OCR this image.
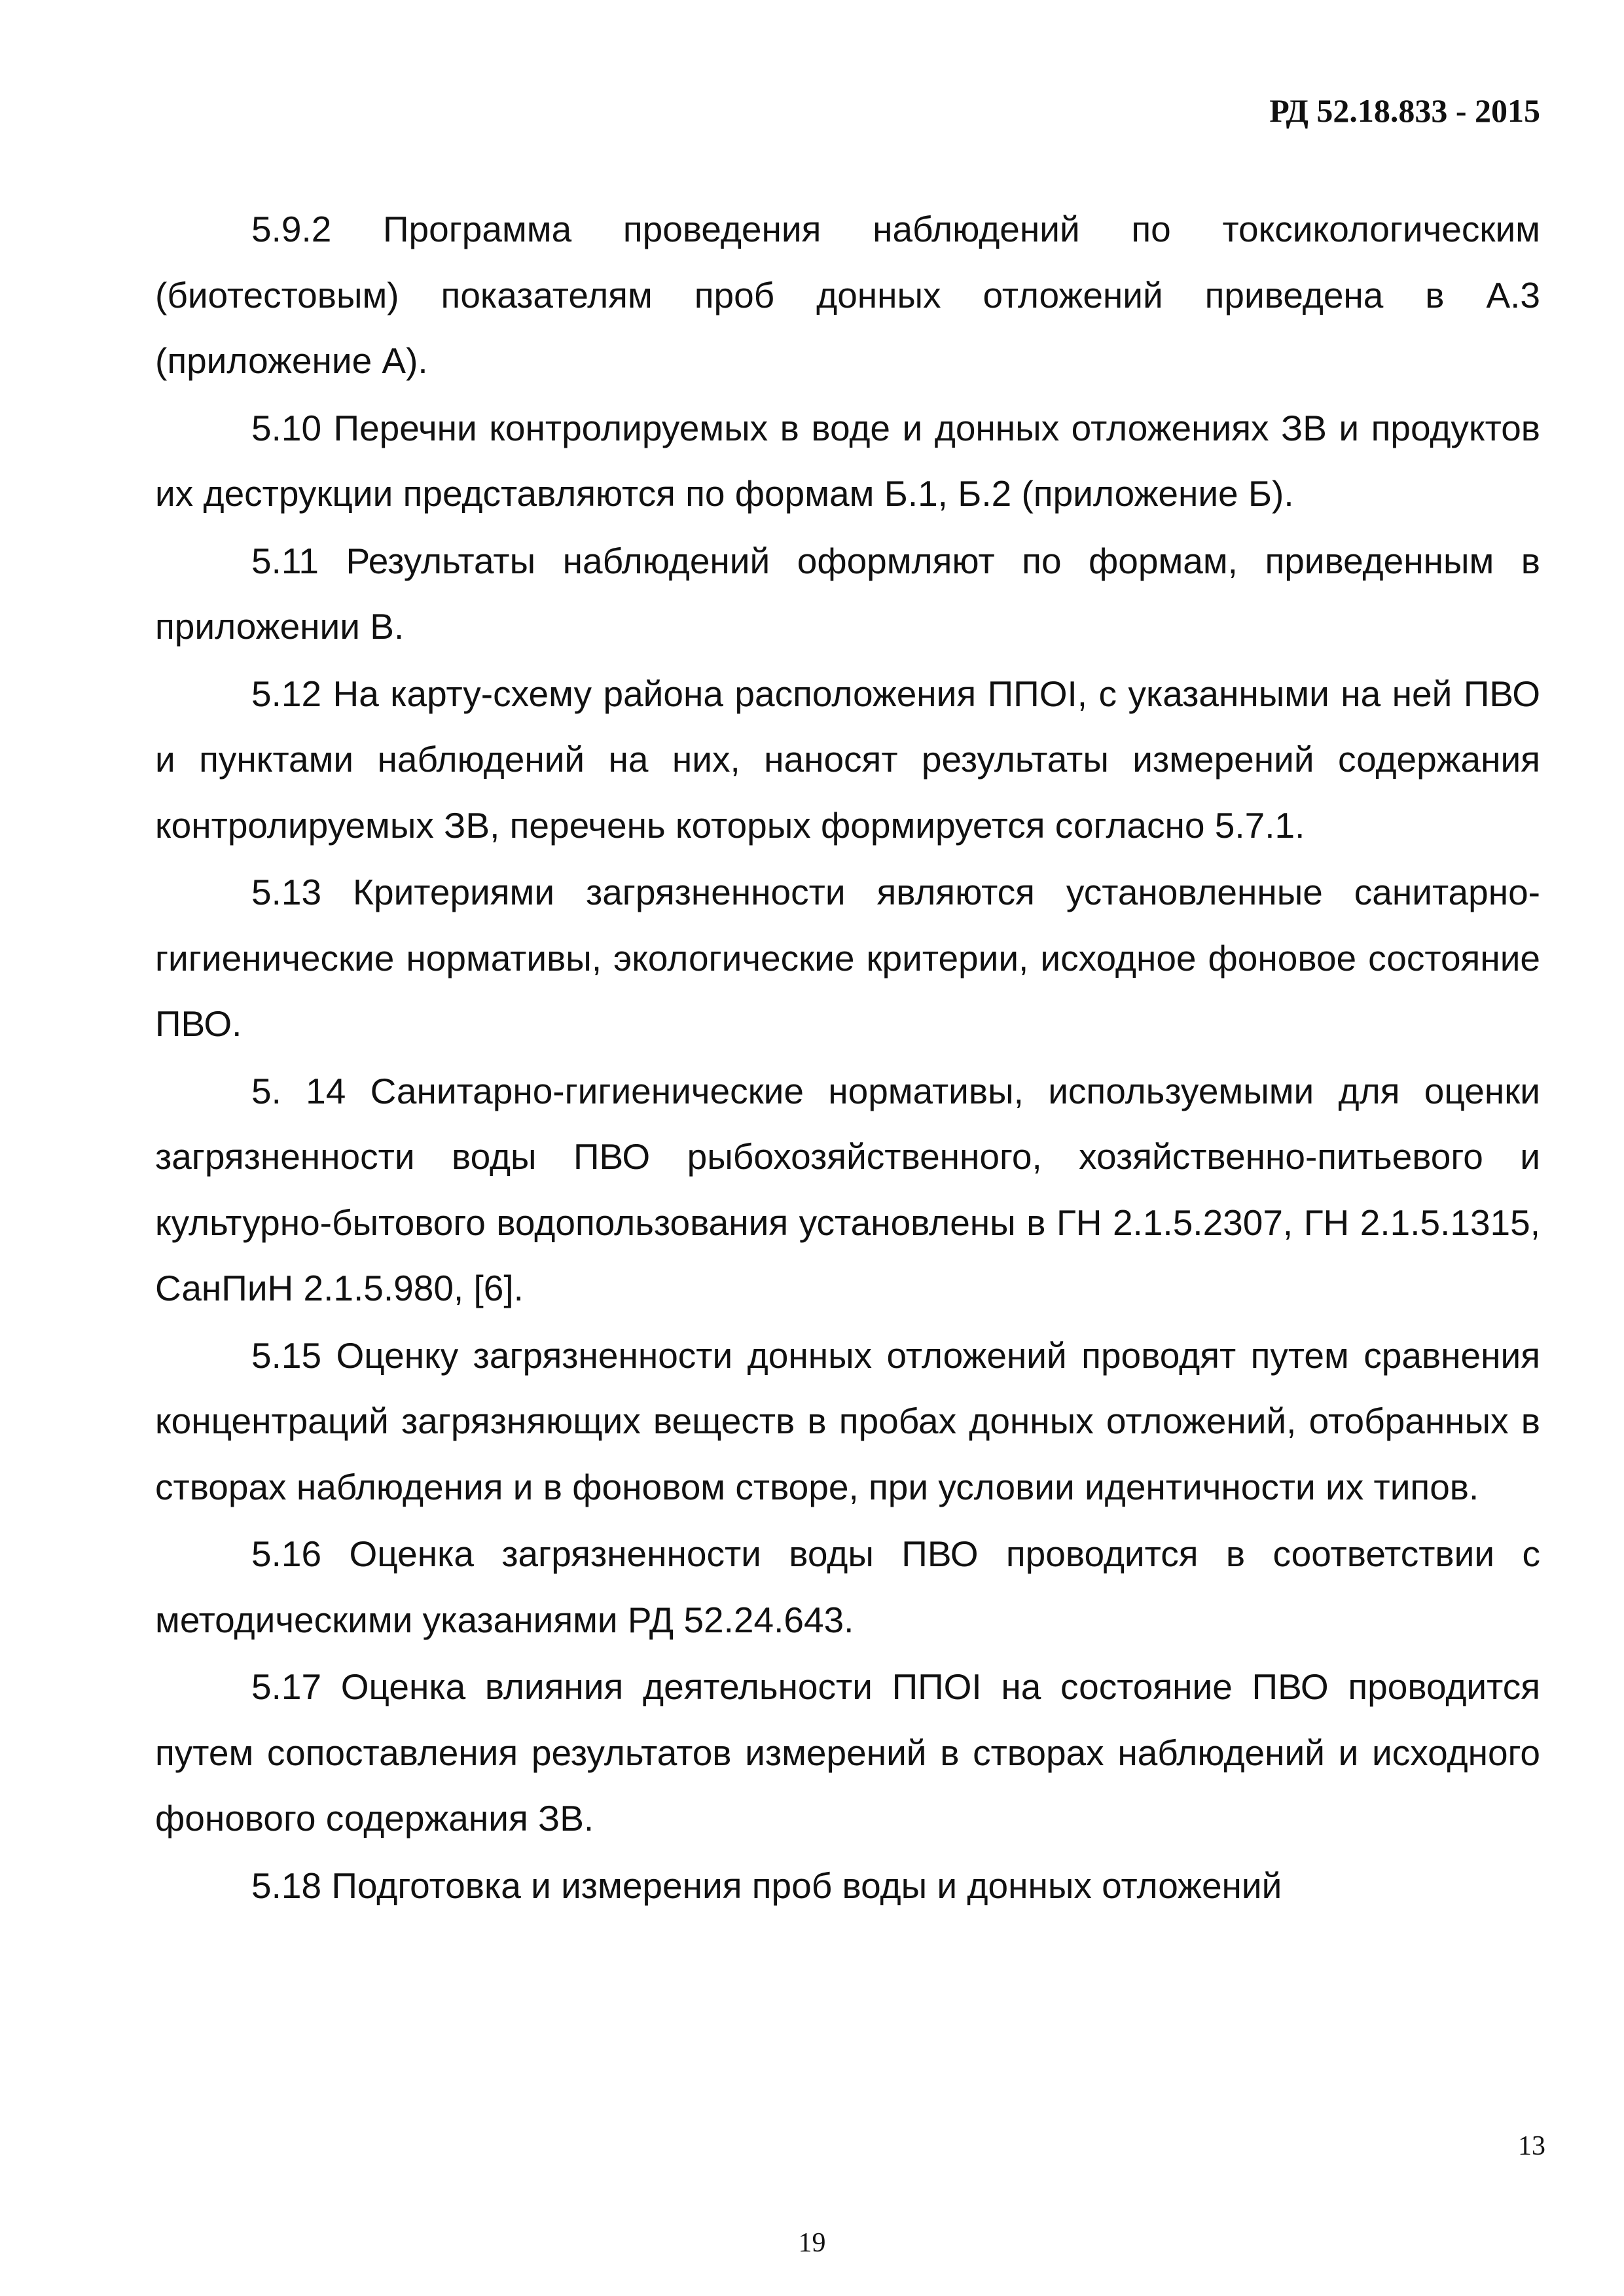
РД 52.18.833 - 2015

5.9.2 Программа проведения наблюдений по токсикологическим (биотестовым) показателям проб донных отложений приведена в А.3 (приложение А).

5.10 Перечни контролируемых в воде и донных отложениях ЗВ и продуктов их деструкции представляются по формам Б.1, Б.2 (приложение Б).

5.11 Результаты наблюдений оформляют по формам, приведенным в приложении В.

5.12 На карту-схему района расположения ППОI, с указанными на ней ПВО и пунктами наблюдений на них, наносят результаты измерений содержания контролируемых ЗВ, перечень которых формируется согласно 5.7.1.

5.13 Критериями загрязненности являются установленные санитарно-гигиенические нормативы, экологические критерии, исходное фоновое состояние ПВО.

5. 14 Санитарно-гигиенические нормативы, используемыми для оценки загрязненности воды ПВО рыбохозяйственного, хозяйственно-питьевого и культурно-бытового водопользования установлены в ГН 2.1.5.2307, ГН 2.1.5.1315, СанПиН 2.1.5.980, [6].

5.15 Оценку загрязненности донных отложений проводят путем сравнения концентраций загрязняющих веществ в пробах донных отложений, отобранных в створах наблюдения и в фоновом створе, при условии идентичности их типов.

5.16 Оценка загрязненности воды ПВО проводится в соответствии с методическими указаниями РД 52.24.643.

5.17 Оценка влияния деятельности ППОI на состояние ПВО проводится путем сопоставления результатов измерений в створах наблюдений и исходного фонового содержания ЗВ.

5.18 Подготовка и измерения проб воды и донных отложений

13
19
